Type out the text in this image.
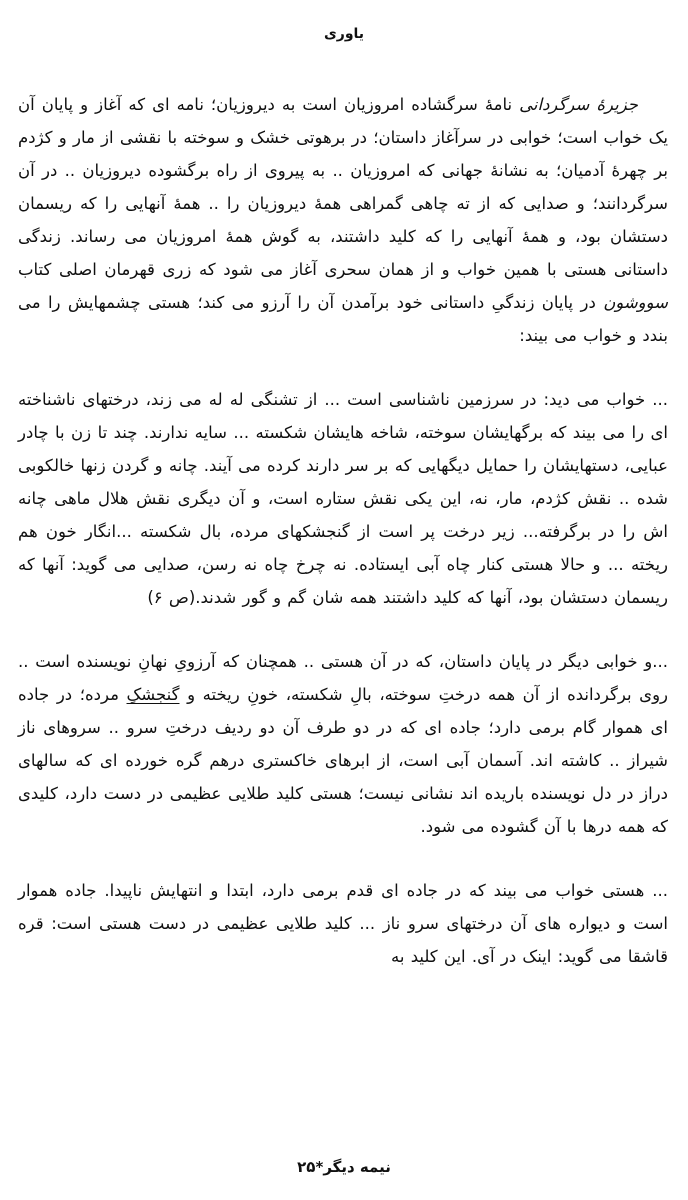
یاوری

جزیرهٔ سرگردانی نامهٔ سرگشاده امروزیان است به دیروزیان؛ نامه ای که آغاز و پایان آن یک خواب است؛ خوابی در سرآغاز داستان؛ در برهوتی خشک و سوخته با نقشی از مار و کژدم بر چهرهٔ آدمیان؛ به نشانهٔ جهانی که امروزیان .. به پیروی از راه برگشوده دیروزیان .. در آن سرگردانند؛ و صدایی که از ته چاهی گمراهی همهٔ دیروزیان را .. همهٔ آنهایی را که ریسمان دستشان بود، و همهٔ آنهایی را که کلید داشتند، به گوش همهٔ امروزیان می رساند. زندگی داستانی هستی با همین خواب و از همان سحری آغاز می شود که زری قهرمان اصلی کتاب سووشون در پایان زندگیِ داستانی خود برآمدن آن را آرزو می کند؛ هستی چشمهایش را می بندد و خواب می بیند:

... خواب می دید: در سرزمین ناشناسی است ... از تشنگی له له می زند، درختهای ناشناخته ای را می بیند که برگهایشان سوخته، شاخه هایشان شکسته ... سایه ندارند. چند تا زن با چادر عبایی، دستهایشان را حمایل دیگهایی که بر سر دارند کرده می آیند. چانه و گردن زنها خالکوبی شده .. نقش کژدم، مار، نه، این یکی نقش ستاره است، و آن دیگری نقش هلال ماهی چانه اش را در برگرفته... زیر درخت پر است از گنجشکهای مرده، بال شکسته ...انگار خون هم ریخته ... و حالا هستی کنار چاه آبی ایستاده. نه چرخ چاه نه رسن، صدایی می گوید: آنها که ریسمان دستشان بود، آنها که کلید داشتند همه شان گم و گور شدند.(ص ۶)

...و خوابی دیگر در پایان داستان، که در آن هستی .. همچنان که آرزویِ نهانِ نویسنده است .. روی برگردانده از آن همه درختِ سوخته، بالِ شکسته، خونِ ریخته و گنجشکِ مرده؛ در جاده ای هموار گام برمی دارد؛ جاده ای که در دو طرف آن دو ردیف درختِ سرو .. سروهای ناز شیراز .. کاشته اند. آسمان آبی است، از ابرهای خاکستری درهم گره خورده ای که سالهای دراز در دل نویسنده باریده اند نشانی نیست؛ هستی کلید طلایی عظیمی در دست دارد، کلیدی که همه درها با آن گشوده می شود.

... هستی خواب می بیند که در جاده ای قدم برمی دارد، ابتدا و انتهایش ناپیدا. جاده هموار است و دیواره های آن درختهای سرو ناز ... کلید طلایی عظیمی در دست هستی است: قره قاشقا می گوید: اینک در آی. این کلید به

نیمه دیگر*۲۵
